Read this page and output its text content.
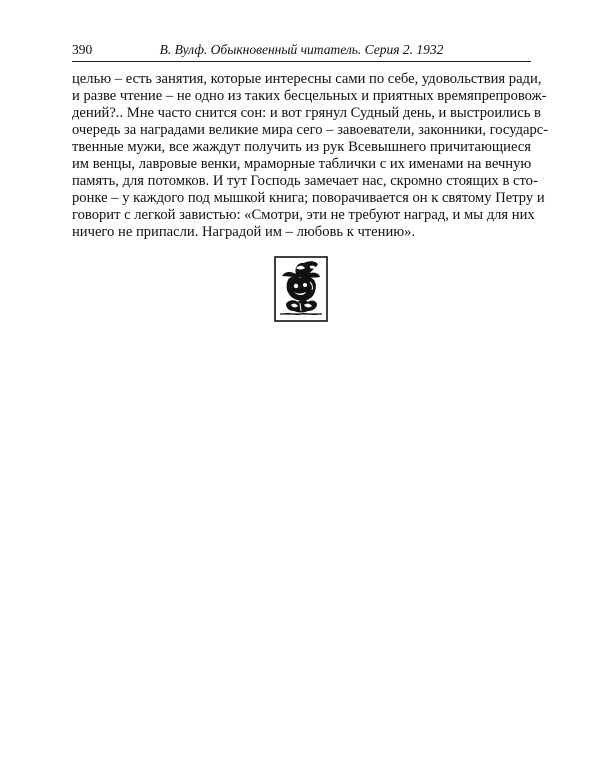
390	В. Вулф. Обыкновенный читатель. Серия 2. 1932
целью – есть занятия, которые интересны сами по себе, удовольствия ради,
и разве чтение – не одно из таких бесцельных и приятных времяпрепровож-
дений?.. Мне часто снится сон: и вот грянул Судный день, и выстроились в
очередь за наградами великие мира сего – завоеватели, законники, государс-
твенные мужи, все жаждут получить из рук Всевышнего причитающиеся
им венцы, лавровые венки, мраморные таблички с их именами на вечную
память, для потомков. И тут Господь замечает нас, скромно стоящих в сто-
ронке – у каждого под мышкой книга; поворачивается он к святому Петру и
говорит с легкой завистью: «Смотри, эти не требуют наград, и мы для них
ничего не припасли. Наградой им – любовь к чтению».
